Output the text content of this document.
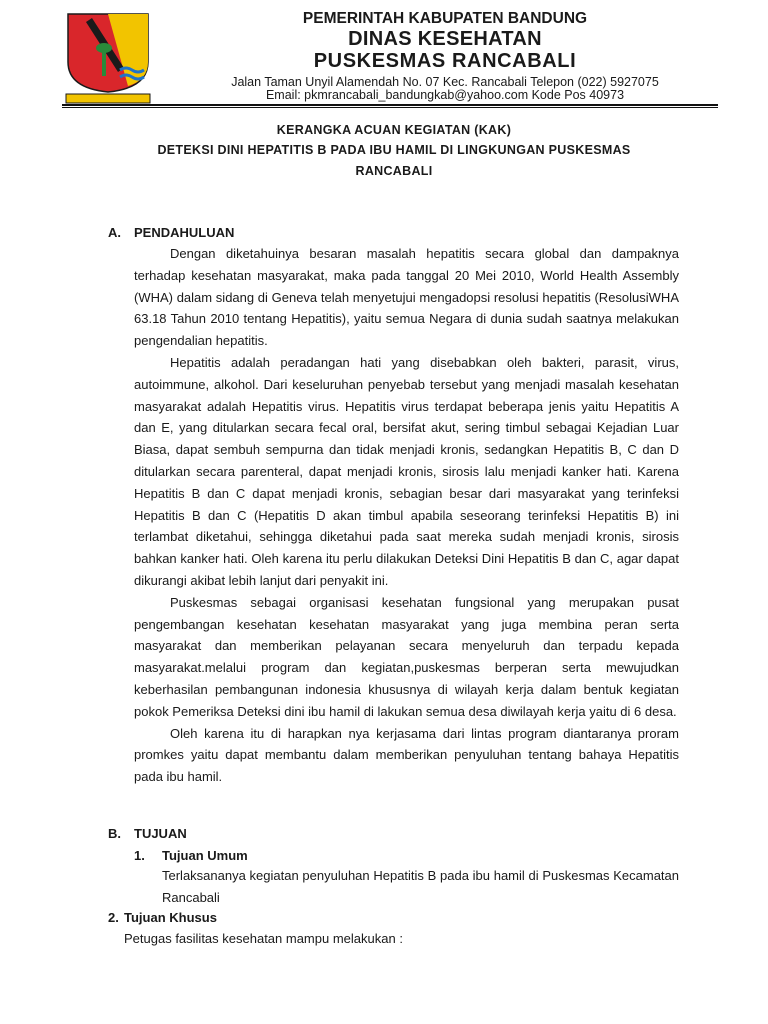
PEMERINTAH KABUPATEN BANDUNG
DINAS KESEHATAN
PUSKESMAS RANCABALI
Jalan Taman Unyil Alamendah No. 07 Kec. Rancabali Telepon (022) 5927075
Email: pkmrancabali_bandungkab@yahoo.com Kode Pos 40973
KERANGKA ACUAN KEGIATAN (KAK)
DETEKSI DINI HEPATITIS B PADA IBU HAMIL DI LINGKUNGAN PUSKESMAS
RANCABALI
A. PENDAHULUAN

Dengan diketahuinya besaran masalah hepatitis secara global dan dampaknya terhadap kesehatan masyarakat, maka pada tanggal 20 Mei 2010, World Health Assembly (WHA) dalam sidang di Geneva telah menyetujui mengadopsi resolusi hepatitis (ResolusiWHA 63.18 Tahun 2010 tentang Hepatitis), yaitu semua Negara di dunia sudah saatnya melakukan pengendalian hepatitis.

Hepatitis adalah peradangan hati yang disebabkan oleh bakteri, parasit, virus, autoimmune, alkohol. Dari keseluruhan penyebab tersebut yang menjadi masalah kesehatan masyarakat adalah Hepatitis virus. Hepatitis virus terdapat beberapa jenis yaitu Hepatitis A dan E, yang ditularkan secara fecal oral, bersifat akut, sering timbul sebagai Kejadian Luar Biasa, dapat sembuh sempurna dan tidak menjadi kronis, sedangkan Hepatitis B, C dan D ditularkan secara parenteral, dapat menjadi kronis, sirosis lalu menjadi kanker hati. Karena Hepatitis B dan C dapat menjadi kronis, sebagian besar dari masyarakat yang terinfeksi Hepatitis B dan C (Hepatitis D akan timbul apabila seseorang terinfeksi Hepatitis B) ini terlambat diketahui, sehingga diketahui pada saat mereka sudah menjadi kronis, sirosis bahkan kanker hati. Oleh karena itu perlu dilakukan Deteksi Dini Hepatitis B dan C, agar dapat dikurangi akibat lebih lanjut dari penyakit ini.

Puskesmas sebagai organisasi kesehatan fungsional yang merupakan pusat pengembangan kesehatan kesehatan masyarakat yang juga membina peran serta masyarakat dan memberikan pelayanan secara menyeluruh dan terpadu kepada masyarakat.melalui program dan kegiatan,puskesmas berperan serta mewujudkan keberhasilan pembangunan indonesia khususnya di wilayah kerja dalam bentuk kegiatan pokok Pemeriksa Deteksi dini ibu hamil di lakukan semua desa diwilayah kerja yaitu di 6 desa.

Oleh karena itu di harapkan nya kerjasama dari lintas program diantaranya proram promkes yaitu dapat membantu dalam memberikan penyuluhan tentang bahaya Hepatitis pada ibu hamil.

B. TUJUAN
1. Tujuan Umum
Terlaksananya kegiatan penyuluhan Hepatitis B pada ibu hamil di Puskesmas Kecamatan Rancabali
2. Tujuan Khusus
Petugas fasilitas kesehatan mampu melakukan :
